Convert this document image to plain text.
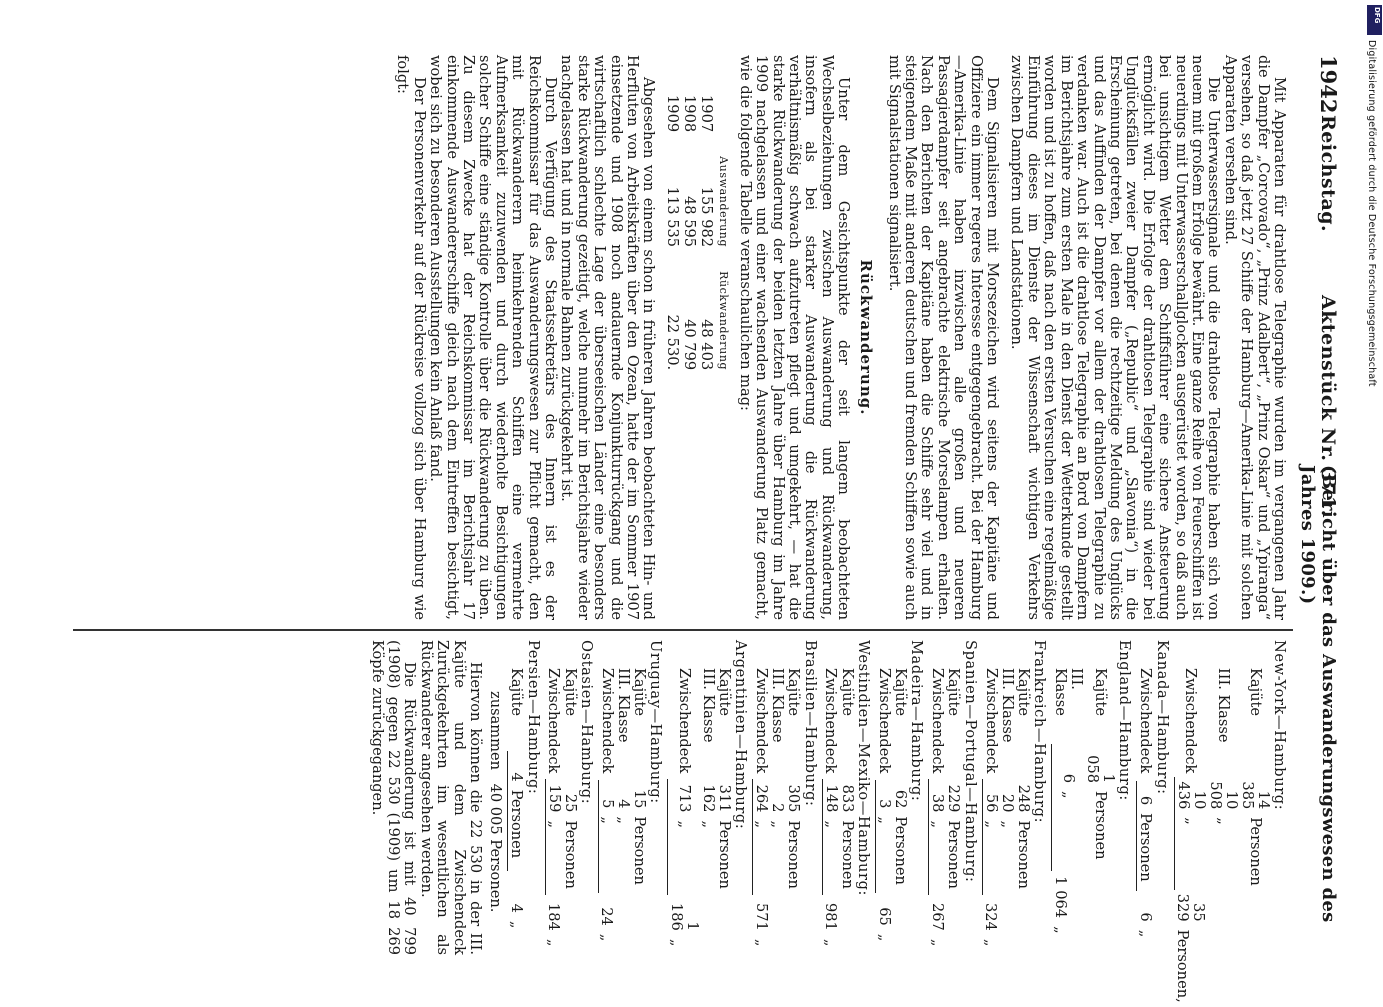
1942
Reichstag.
Aktenstück Nr. 371.
(Bericht über das Auswanderungswesen des Jahres 1909.)

Mit Apparaten für drahtlose Telegraphie wurden im vergangenen Jahr die Dampfer „Corcovado“, „Prinz Adalbert“, „Prinz Oskar“ und „Ypiranga“ versehen, so daß jetzt 27 Schiffe der Hamburg—Amerika-Linie mit solchen Apparaten versehen sind.

Die Unterwassersignale und die drahtlose Telegraphie haben sich von neuem mit großem Erfolge bewährt. Eine ganze Reihe von Feuerschiffen ist neuerdings mit Unterwasserschallglocken ausgerüstet worden, so daß auch bei unsichtigem Wetter dem Schiffsführer eine sichere Ansteuerung ermöglicht wird. Die Erfolge der drahtlosen Telegraphie sind wieder bei Unglücksfällen zweier Dampfer („Republic“ und „Slavonia“) in die Erscheinung getreten, bei denen die rechtzeitige Meldung des Unglücks und das Auffinden der Dampfer vor allem der drahtlosen Telegraphie zu verdanken war. Auch ist die drahtlose Telegraphie an Bord von Dampfern im Berichtsjahre zum ersten Male in den Dienst der Wetterkunde gestellt worden und ist zu hoffen, daß nach den ersten Versuchen eine regelmäßige Einführung dieses im Dienste der Wissenschaft wichtigen Verkehrs zwischen Dampfern und Landstationen.

Dem Signalisieren mit Morsezeichen wird seitens der Kapitäne und Offiziere ein immer regeres Interesse entgegengebracht. Bei der Hamburg—Amerika-Linie haben inzwischen alle großen und neueren Passagierdampfer seit angebrachte elektrische Morselampen erhalten. Nach den Berichten der Kapitäne haben die Schiffe sehr viel und in steigendem Maße mit anderen deutschen und fremden Schiffen sowie auch mit Signalstationen signalisiert.

Rückwanderung.

Unter dem Gesichtspunkte der seit langem beobachteten Wechselbeziehungen zwischen Auswanderung und Rückwanderung, insofern als bei starker Auswanderung die Rückwanderung verhältnismäßig schwach aufzutreten pflegt und umgekehrt, — hat die starke Rückwanderung der beiden letzten Jahre über Hamburg im Jahre 1909 nachgelassen und einer wachsenden Auswanderung Platz gemacht, wie die folgende Tabelle veranschaulichen mag:

	Auswanderung	Rückwanderung
1907	155 982	48 403
1908	48 595	40 799
1909	113 535	22 530.

Abgesehen von einem schon in früheren Jahren beobachteten Hin- und Herfluten von Arbeitskräften über den Ozean, hatte der im Sommer 1907 einsetzende und 1908 noch andauernde Konjunkturrückgang und die wirtschaftlich schlechte Lage der überseeischen Länder eine besonders starke Rückwanderung gezeitigt, welche nunmehr im Berichtsjahre wieder nachgelassen hat und in normale Bahnen zurückgekehrt ist.

Durch Verfügung des Staatssekretärs des Innern ist es der Reichskommissar für das Auswanderungswesen zur Pflicht gemacht, den mit Rückwanderern heimkehrenden Schiffen eine vermehrte Aufmerksamkeit zuzuwenden und durch wiederholte Besichtigungen solcher Schiffe eine ständige Kontrolle über die Rückwanderung zu üben. Zu diesem Zwecke hat der Reichskommissar im Berichtsjahr 17 einkommende Auswandererschiffe gleich nach dem Eintreffen besichtigt, wobei sich zu besonderen Ausstellungen kein Anlaß fand.

Der Personenverkehr auf der Rückreise vollzog sich über Hamburg wie folgt:

New-York—Hamburg:
Kajüte	14 385	Personen		
III. Klasse	10 508	„		
Zwischendeck	10 436	„	35 329	Personen,
Kanada—Hamburg:
Zwischendeck	6	Personen	6	„
England—Hamburg:
Kajüte	1 058	Personen		
III. Klasse	6	„	1 064	„
Frankreich—Hamburg:
Kajüte	248	Personen		
III. Klasse	20	„		
Zwischendeck	56	„	324	„
Spanien—Portugal—Hamburg:
Kajüte	229	Personen		
Zwischendeck	38	„	267	„
Madeira—Hamburg:
Kajüte	62	Personen		
Zwischendeck	3	„	65	„
Westindien—Mexiko—Hamburg:
Kajüte	833	Personen		
Zwischendeck	148	„	981	„
Brasilien—Hamburg:
Kajüte	305	Personen		
III. Klasse	2	„		
Zwischendeck	264	„	571	„
Argentinien—Hamburg:
Kajüte	311	Personen		
III. Klasse	162	„		
Zwischendeck	713	„	1 186	„
Uruguay—Hamburg:
Kajüte	15	Personen		
III. Klasse	4	„		
Zwischendeck	5	„	24	„
Ostasien—Hamburg:
Kajüte	25	Personen		
Zwischendeck	159	„	184	„
Persien—Hamburg:
Kajüte	4	Personen	4	„
zusammen 40 005 Personen.

Hiervon können die 22 530 in der III. Kajüte und dem Zwischendeck Zurückgekehrten im wesentlichen als Rückwanderer angesehen werden.

Die Rückwanderung ist mit 40 799 (1908) gegen 22 530 (1909) um 18 269 Köpfe zurückgegangen.

DFG
Digitalisierung gefördert durch die Deutsche Forschungsgemeinschaft
